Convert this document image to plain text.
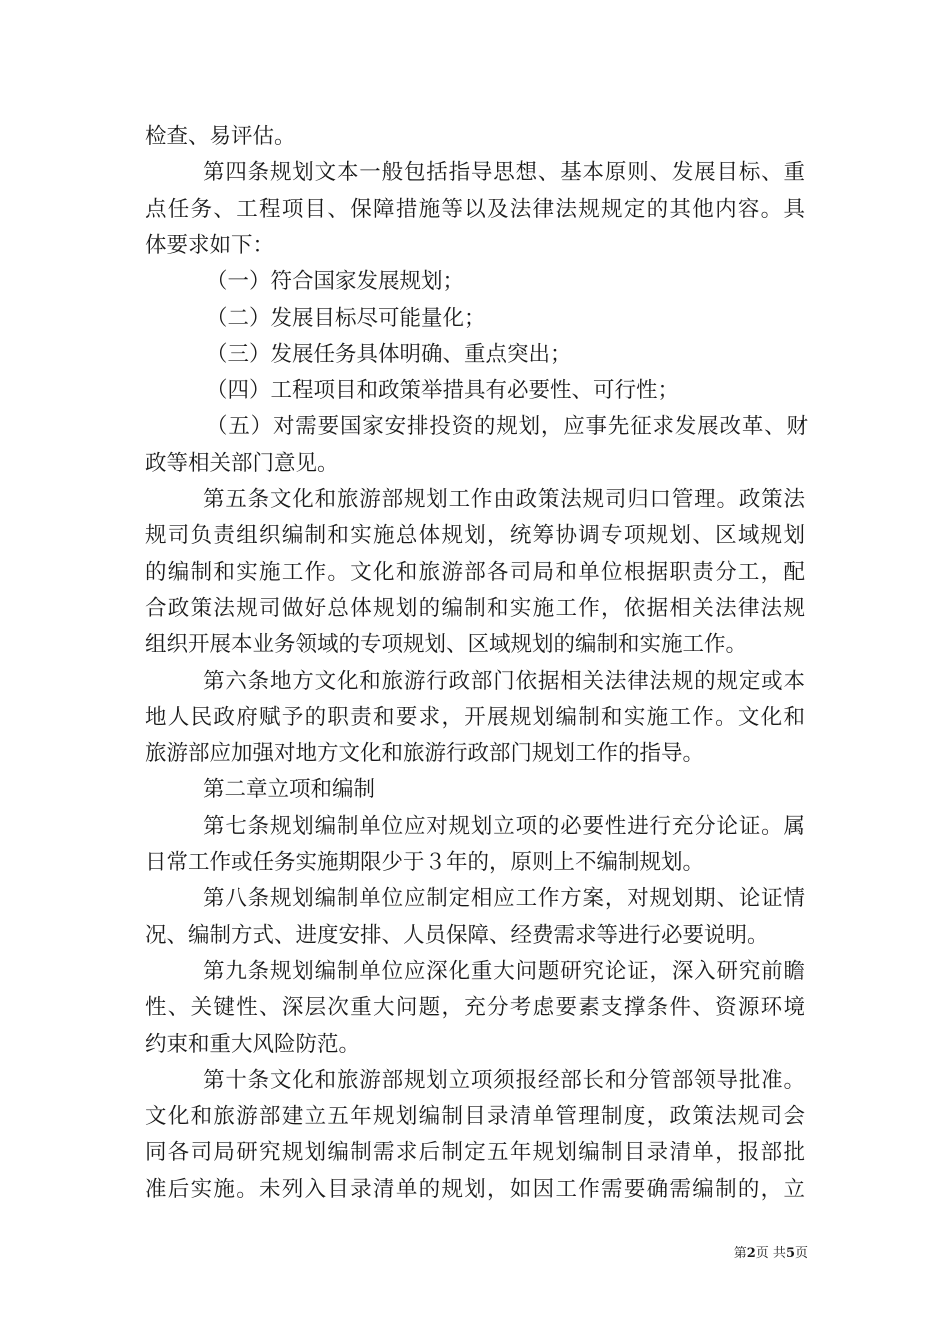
检查、易评估。
第四条规划文本一般包括指导思想、基本原则、发展目标、重
点任务、工程项目、保障措施等以及法律法规规定的其他内容。具
体要求如下：
（一）符合国家发展规划；
（二）发展目标尽可能量化；
（三）发展任务具体明确、重点突出；
（四）工程项目和政策举措具有必要性、可行性；
（五）对需要国家安排投资的规划，应事先征求发展改革、财
政等相关部门意见。
第五条文化和旅游部规划工作由政策法规司归口管理。政策法
规司负责组织编制和实施总体规划，统筹协调专项规划、区域规划
的编制和实施工作。文化和旅游部各司局和单位根据职责分工，配
合政策法规司做好总体规划的编制和实施工作，依据相关法律法规
组织开展本业务领域的专项规划、区域规划的编制和实施工作。
第六条地方文化和旅游行政部门依据相关法律法规的规定或本
地人民政府赋予的职责和要求，开展规划编制和实施工作。文化和
旅游部应加强对地方文化和旅游行政部门规划工作的指导。
第二章立项和编制
第七条规划编制单位应对规划立项的必要性进行充分论证。属
日常工作或任务实施期限少于３年的，原则上不编制规划。
第八条规划编制单位应制定相应工作方案，对规划期、论证情
况、编制方式、进度安排、人员保障、经费需求等进行必要说明。
第九条规划编制单位应深化重大问题研究论证，深入研究前瞻
性、关键性、深层次重大问题，充分考虑要素支撑条件、资源环境
约束和重大风险防范。
第十条文化和旅游部规划立项须报经部长和分管部领导批准。
文化和旅游部建立五年规划编制目录清单管理制度，政策法规司会
同各司局研究规划编制需求后制定五年规划编制目录清单，报部批
准后实施。未列入目录清单的规划，如因工作需要确需编制的，立
第2页 共5页
